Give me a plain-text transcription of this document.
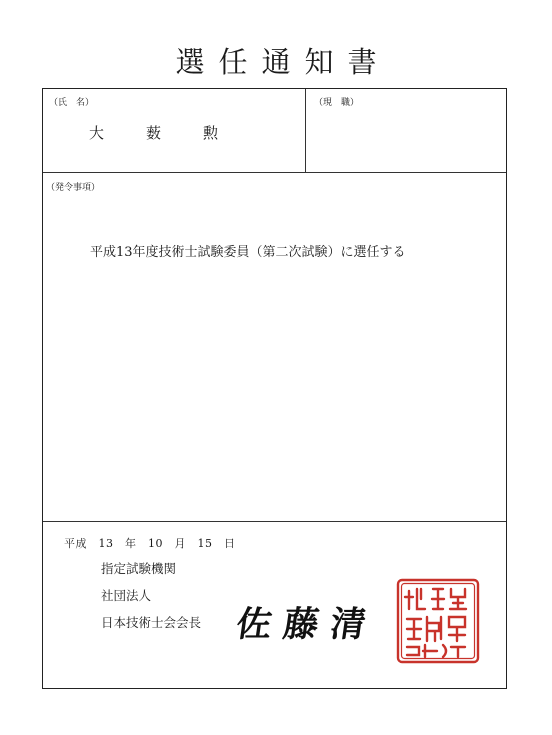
選任通知書
（氏　名）
大	薮	勲
（現　職）
（発令事項）
平成13年度技術士試験委員（第二次試験）に選任する
平成　13　年　10　月　15　日
指定試験機関
社団法人
日本技術士会会長 佐藤清
